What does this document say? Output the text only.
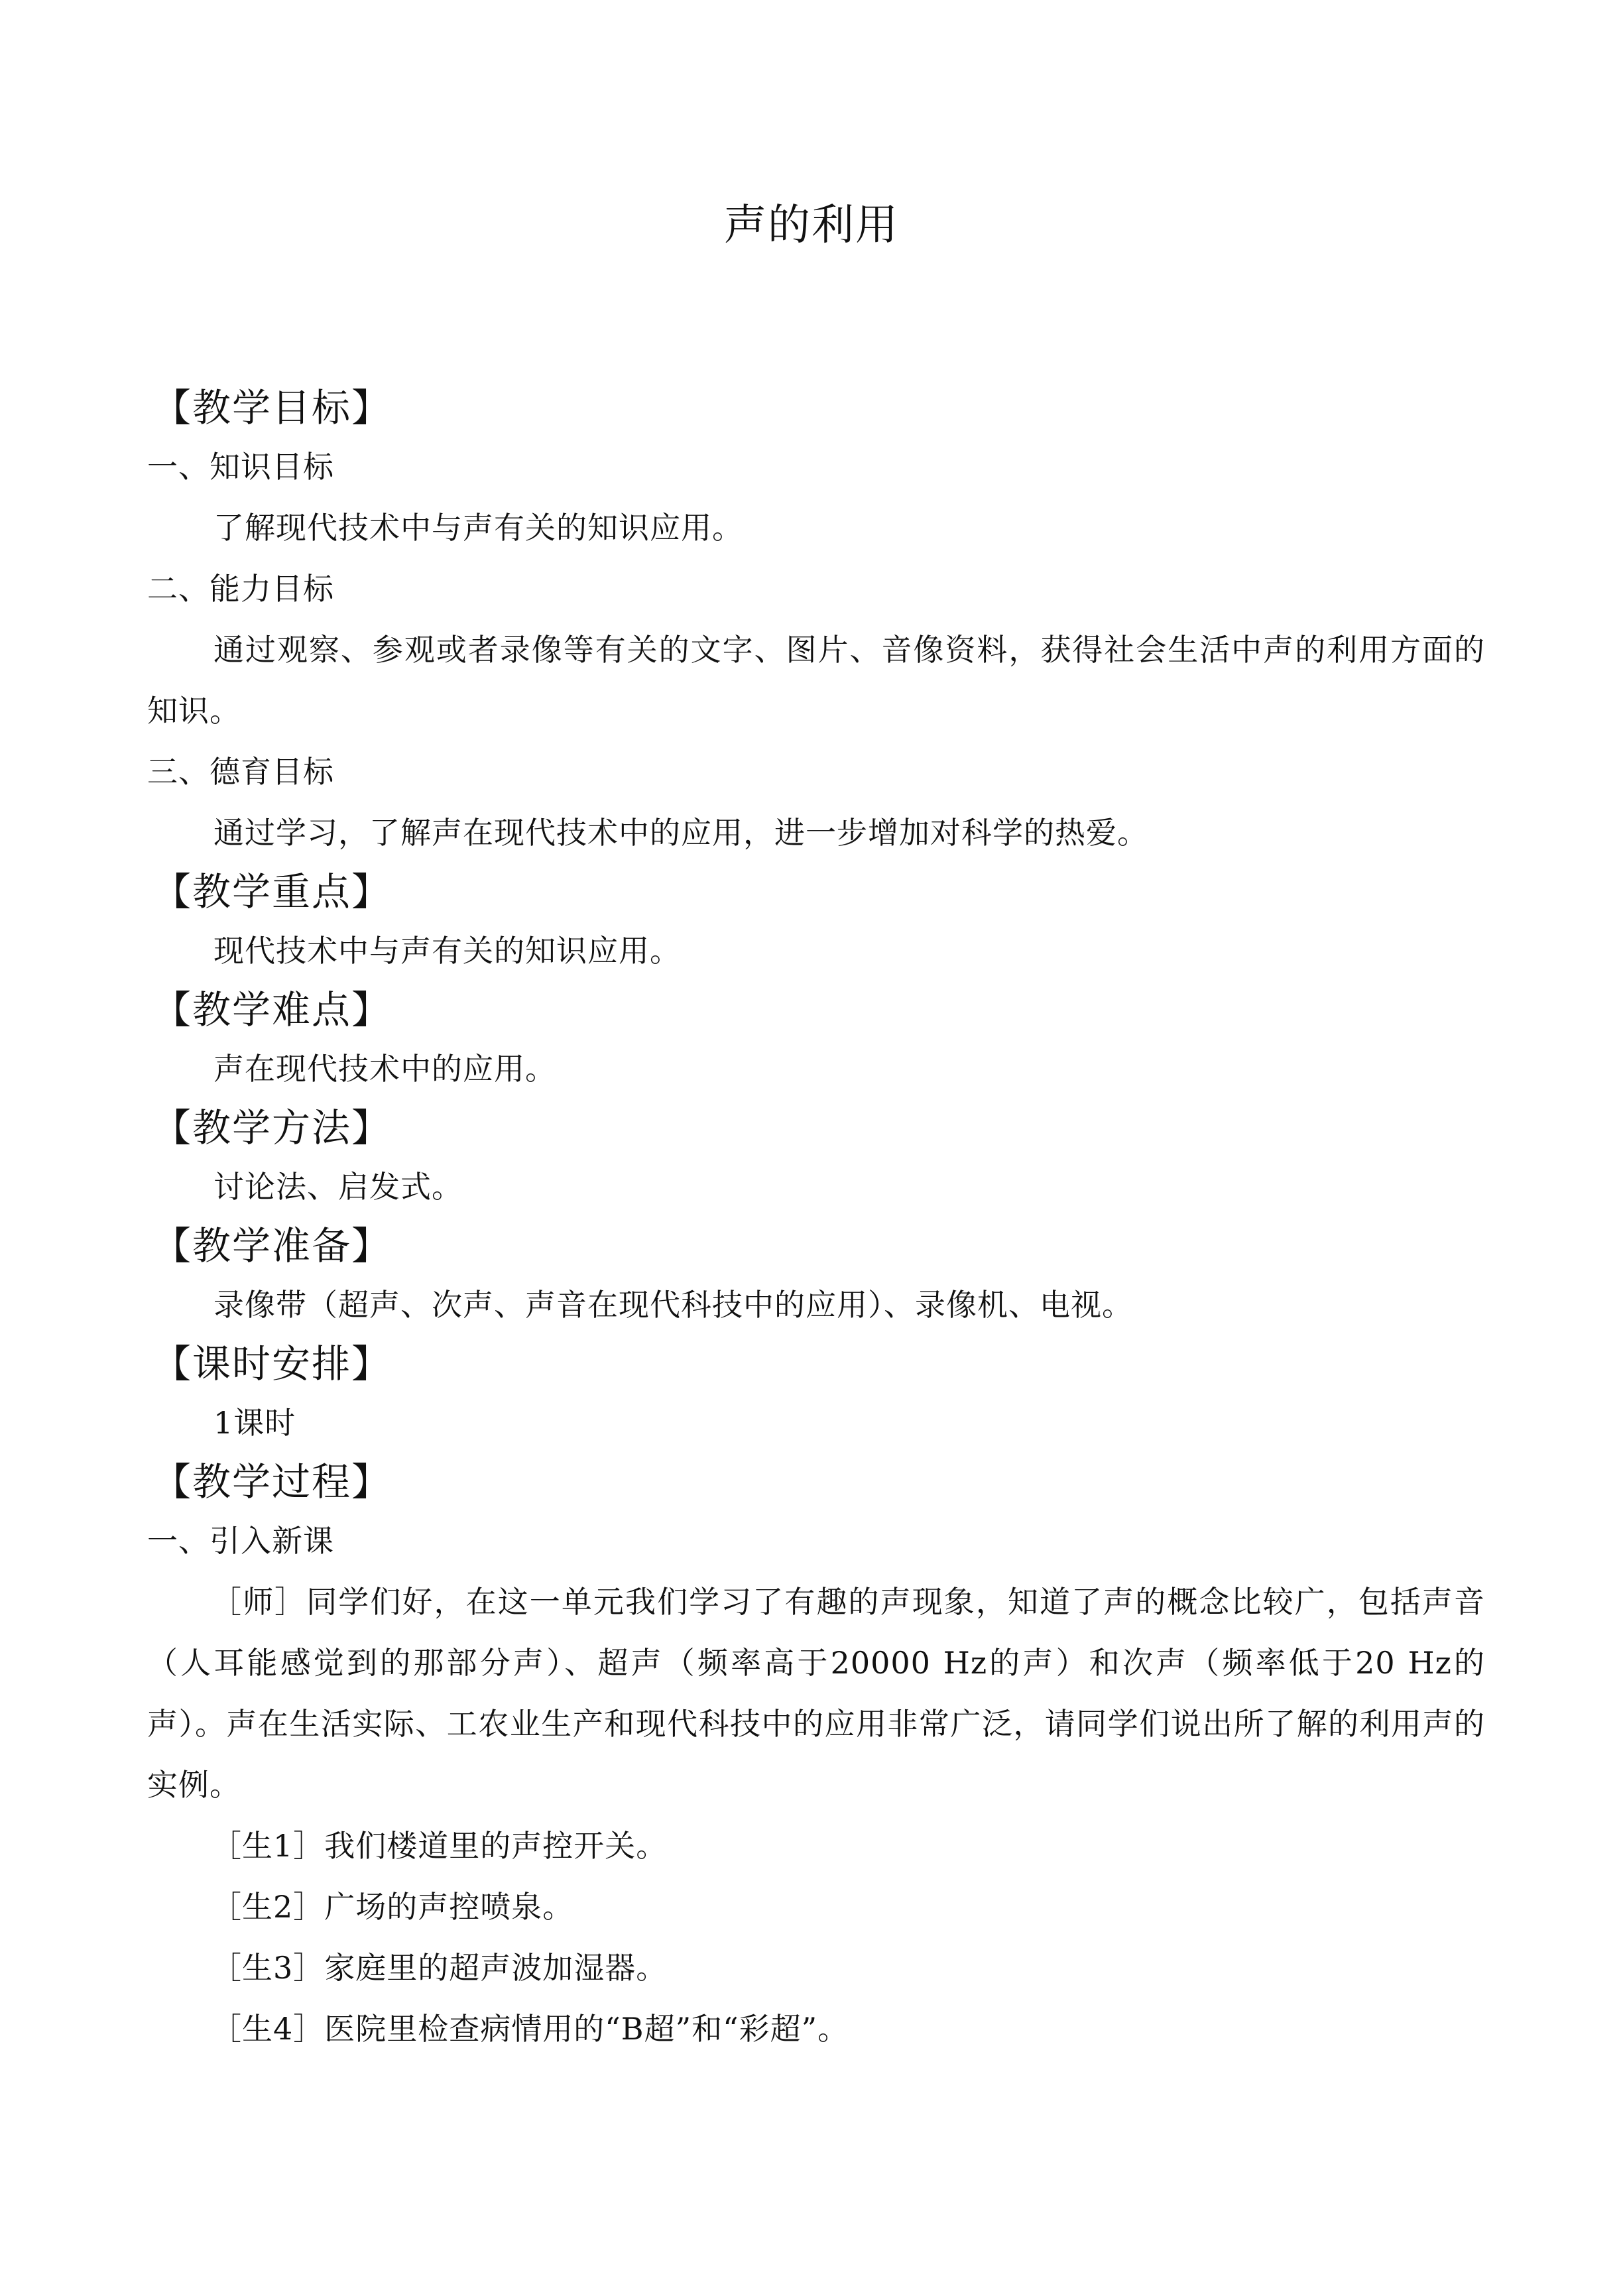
声的利用
【教学目标】
一、知识目标
了解现代技术中与声有关的知识应用。
二、能力目标
通过观察、参观或者录像等有关的文字、图片、音像资料，获得社会生活中声的利用方面的知识。
三、德育目标
通过学习，了解声在现代技术中的应用，进一步增加对科学的热爱。
【教学重点】
现代技术中与声有关的知识应用。
【教学难点】
声在现代技术中的应用。
【教学方法】
讨论法、启发式。
【教学准备】
录像带（超声、次声、声音在现代科技中的应用）、录像机、电视。
【课时安排】
1课时
【教学过程】
一、引入新课
［师］同学们好，在这一单元我们学习了有趣的声现象，知道了声的概念比较广，包括声音（人耳能感觉到的那部分声）、超声（频率高于20000 Hz的声）和次声（频率低于20 Hz的声）。声在生活实际、工农业生产和现代科技中的应用非常广泛，请同学们说出所了解的利用声的实例。
［生1］我们楼道里的声控开关。
［生2］广场的声控喷泉。
［生3］家庭里的超声波加湿器。
［生4］医院里检查病情用的“B超”和“彩超”。
